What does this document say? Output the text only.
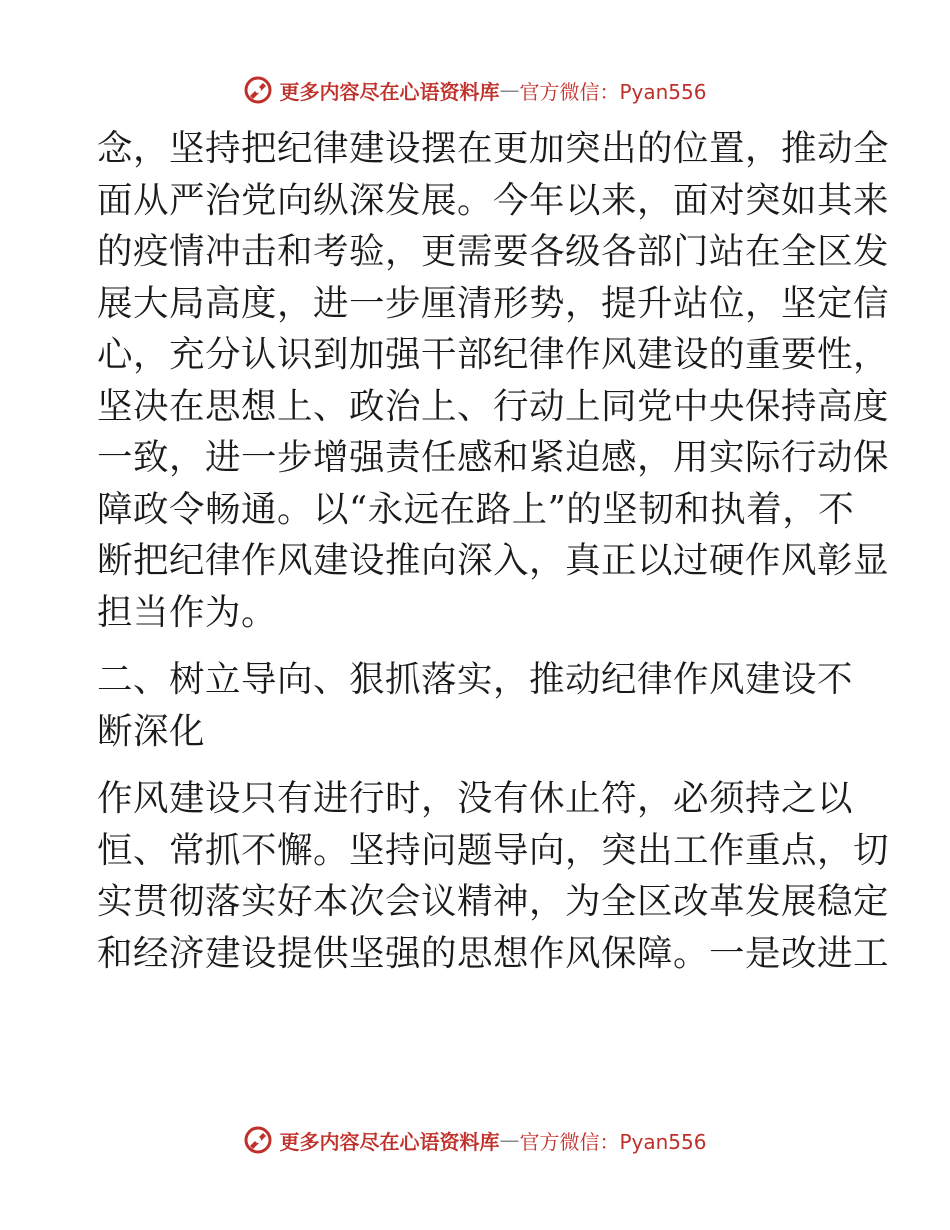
更多内容尽在心语资料库 — 官方微信：Pyan556
念，坚持把纪律建设摆在更加突出的位置，推动全
面从严治党向纵深发展。今年以来，面对突如其来
的疫情冲击和考验，更需要各级各部门站在全区发
展大局高度，进一步厘清形势，提升站位，坚定信
心，充分认识到加强干部纪律作风建设的重要性，
坚决在思想上、政治上、行动上同党中央保持高度
一致，进一步增强责任感和紧迫感，用实际行动保
障政令畅通。以“永远在路上”的坚韧和执着，不
断把纪律作风建设推向深入，真正以过硬作风彰显
担当作为。
二、树立导向、狠抓落实，推动纪律作风建设不
断深化
作风建设只有进行时，没有休止符，必须持之以
恒、常抓不懈。坚持问题导向，突出工作重点，切
实贯彻落实好本次会议精神，为全区改革发展稳定
和经济建设提供坚强的思想作风保障。一是改进工
更多内容尽在心语资料库 — 官方微信：Pyan556
